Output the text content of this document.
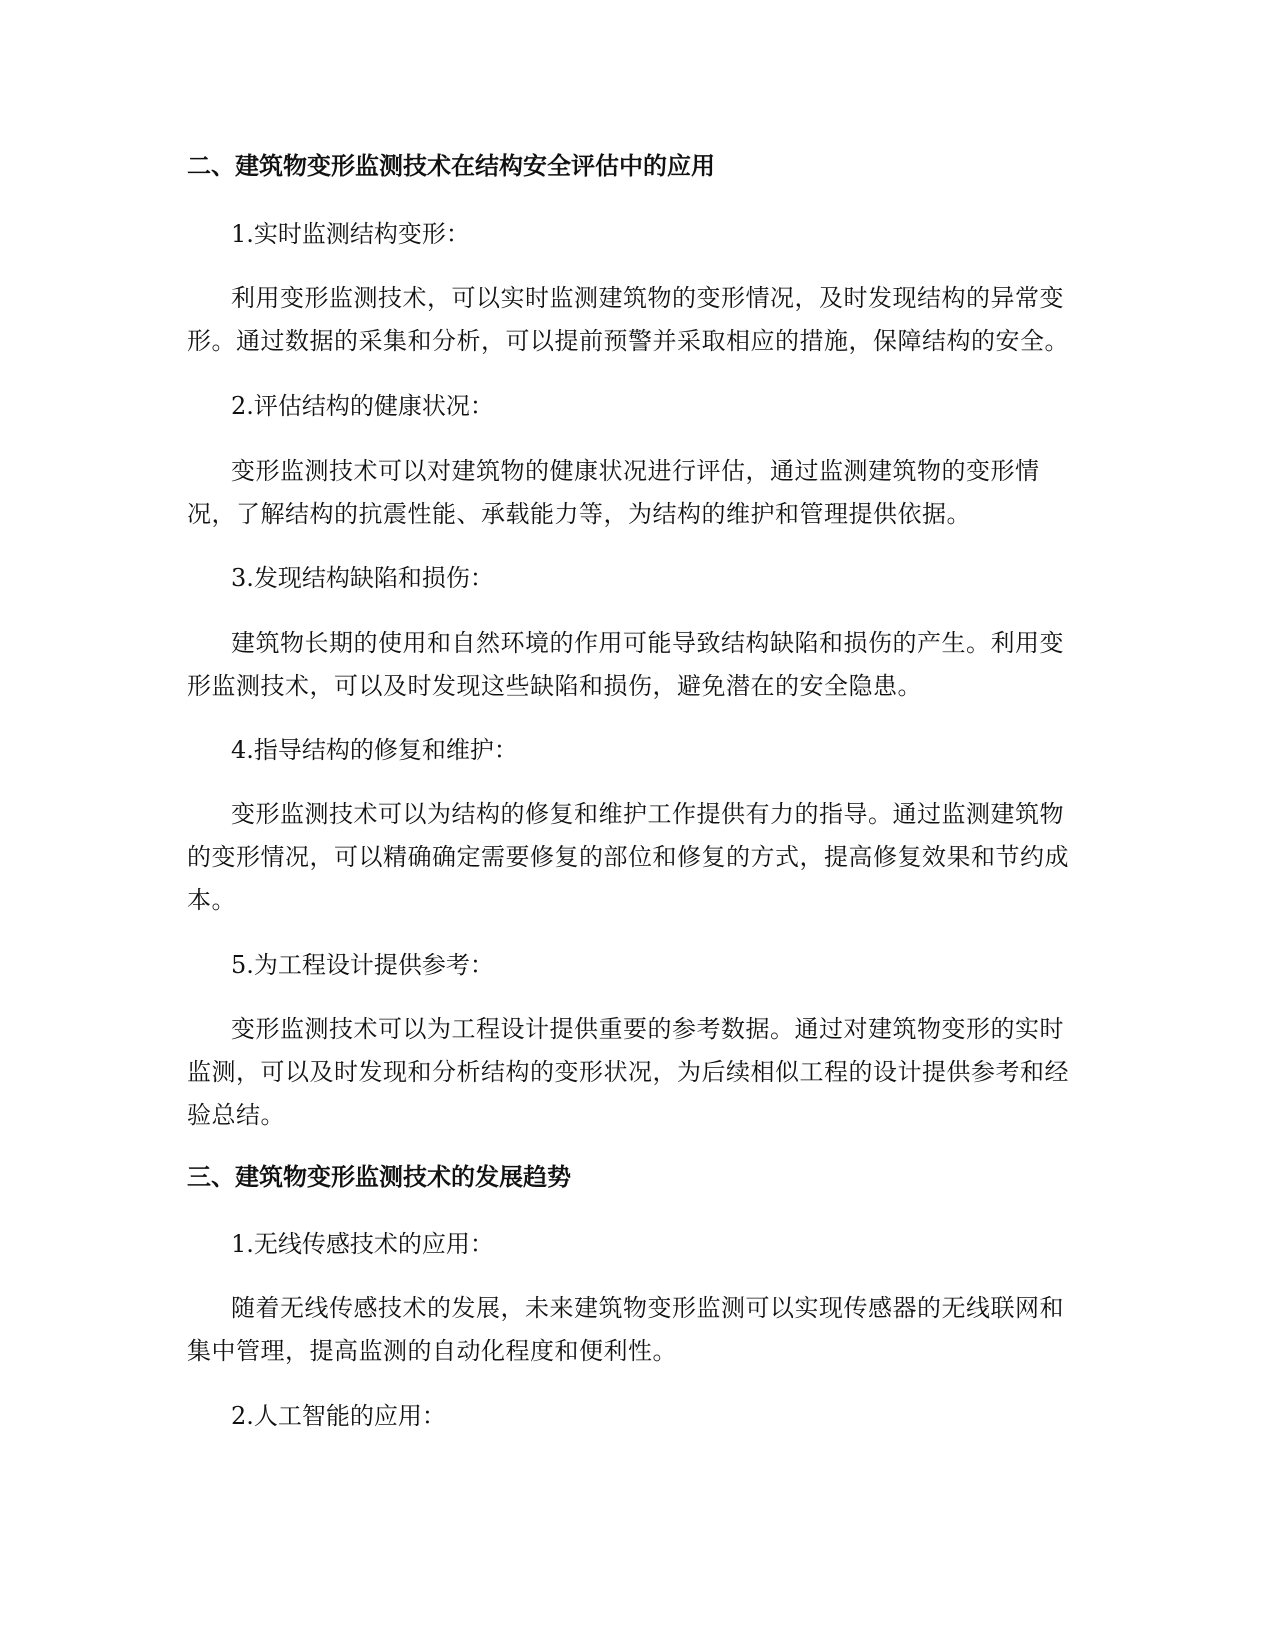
二、建筑物变形监测技术在结构安全评估中的应用

1.实时监测结构变形：

利用变形监测技术，可以实时监测建筑物的变形情况，及时发现结构的异常变形。通过数据的采集和分析，可以提前预警并采取相应的措施，保障结构的安全。

2.评估结构的健康状况：

变形监测技术可以对建筑物的健康状况进行评估，通过监测建筑物的变形情况，了解结构的抗震性能、承载能力等，为结构的维护和管理提供依据。

3.发现结构缺陷和损伤：

建筑物长期的使用和自然环境的作用可能导致结构缺陷和损伤的产生。利用变形监测技术，可以及时发现这些缺陷和损伤，避免潜在的安全隐患。

4.指导结构的修复和维护：

变形监测技术可以为结构的修复和维护工作提供有力的指导。通过监测建筑物的变形情况，可以精确确定需要修复的部位和修复的方式，提高修复效果和节约成本。

5.为工程设计提供参考：

变形监测技术可以为工程设计提供重要的参考数据。通过对建筑物变形的实时监测，可以及时发现和分析结构的变形状况，为后续相似工程的设计提供参考和经验总结。

三、建筑物变形监测技术的发展趋势

1.无线传感技术的应用：

随着无线传感技术的发展，未来建筑物变形监测可以实现传感器的无线联网和集中管理，提高监测的自动化程度和便利性。

2.人工智能的应用：
